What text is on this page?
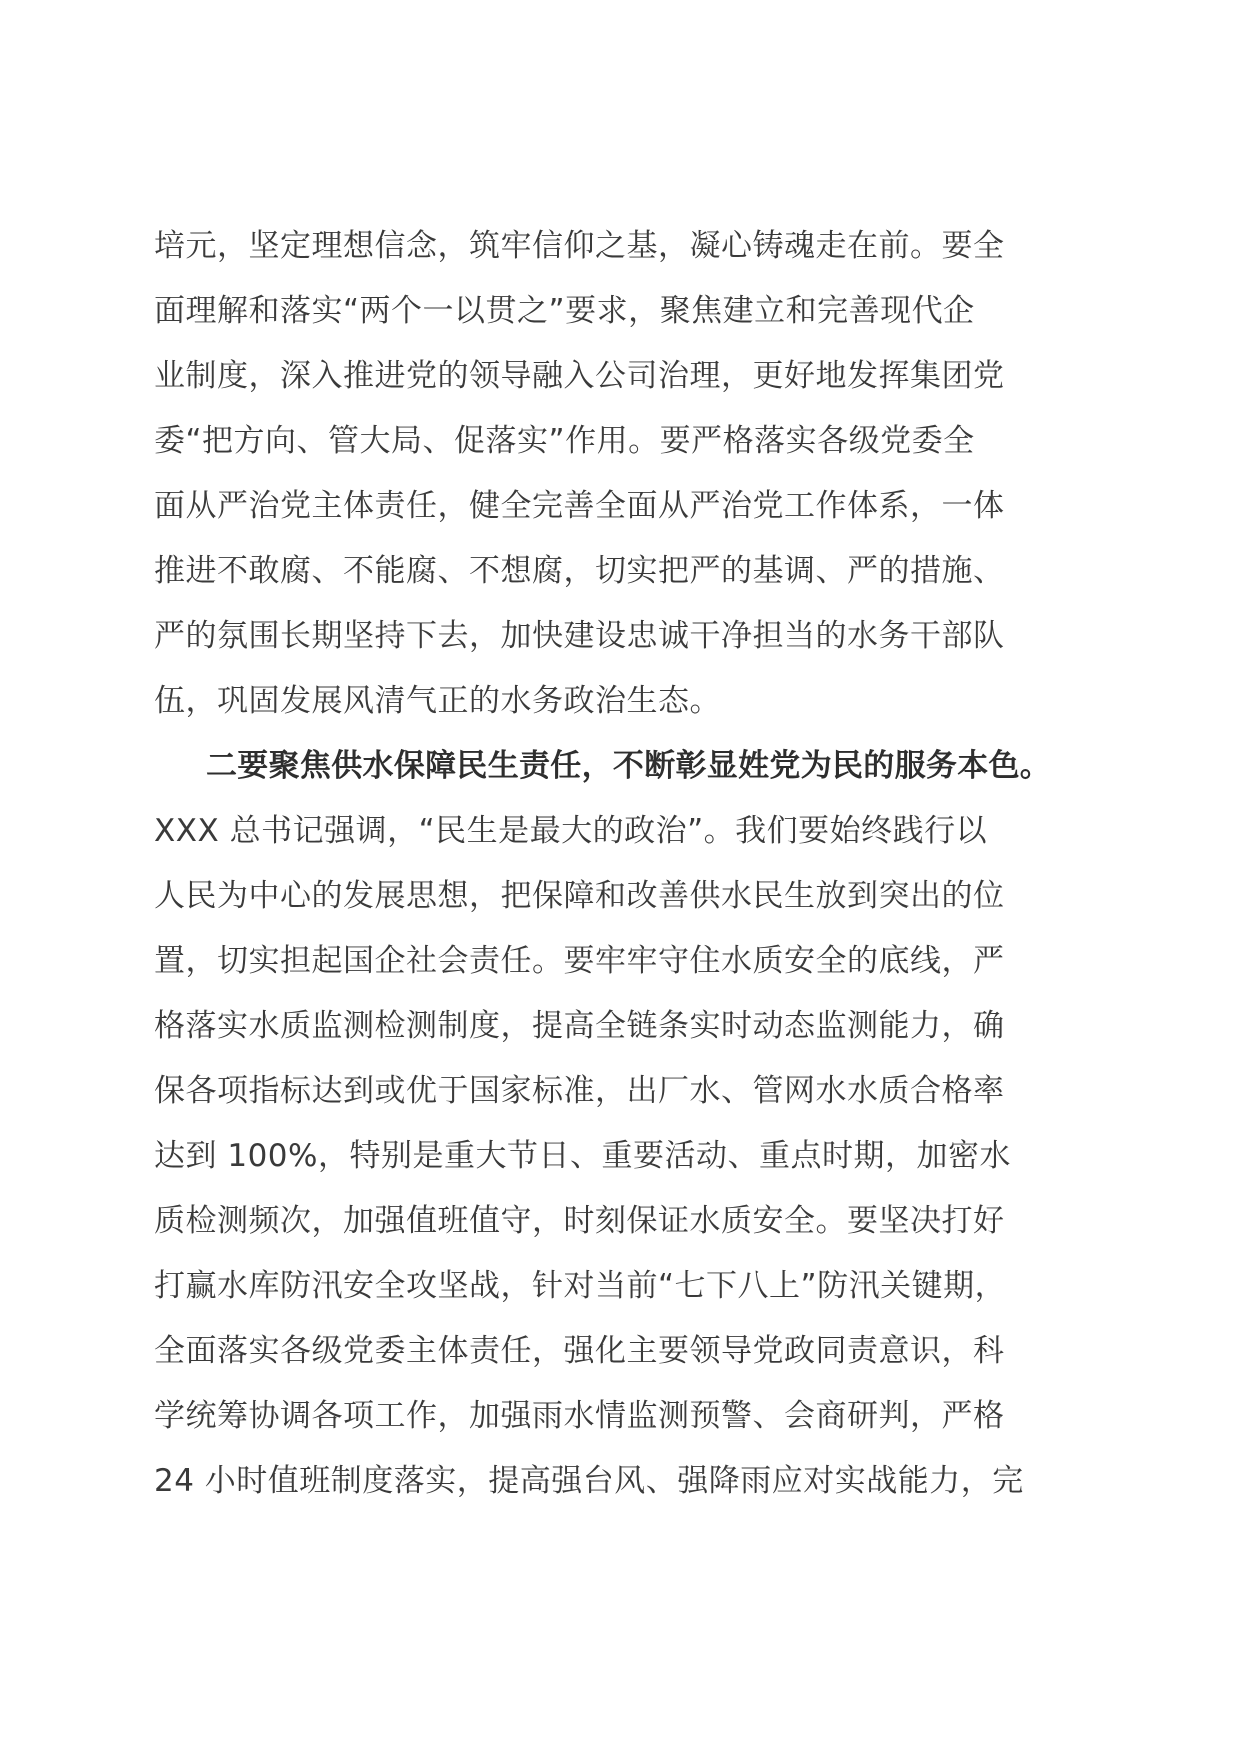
培元，坚定理想信念，筑牢信仰之基，凝心铸魂走在前。要全
面理解和落实“两个一以贯之”要求，聚焦建立和完善现代企
业制度，深入推进党的领导融入公司治理，更好地发挥集团党
委“把方向、管大局、促落实”作用。要严格落实各级党委全
面从严治党主体责任，健全完善全面从严治党工作体系，一体
推进不敢腐、不能腐、不想腐，切实把严的基调、严的措施、
严的氛围长期坚持下去，加快建设忠诚干净担当的水务干部队
伍，巩固发展风清气正的水务政治生态。
二要聚焦供水保障民生责任，不断彰显姓党为民的服务本色。
XXX 总书记强调，“民生是最大的政治”。我们要始终践行以
人民为中心的发展思想，把保障和改善供水民生放到突出的位
置，切实担起国企社会责任。要牢牢守住水质安全的底线，严
格落实水质监测检测制度，提高全链条实时动态监测能力，确
保各项指标达到或优于国家标准，出厂水、管网水水质合格率
达到 100%，特别是重大节日、重要活动、重点时期，加密水
质检测频次，加强值班值守，时刻保证水质安全。要坚决打好
打赢水库防汛安全攻坚战，针对当前“七下八上”防汛关键期，
全面落实各级党委主体责任，强化主要领导党政同责意识，科
学统筹协调各项工作，加强雨水情监测预警、会商研判，严格
24 小时值班制度落实，提高强台风、强降雨应对实战能力，完
